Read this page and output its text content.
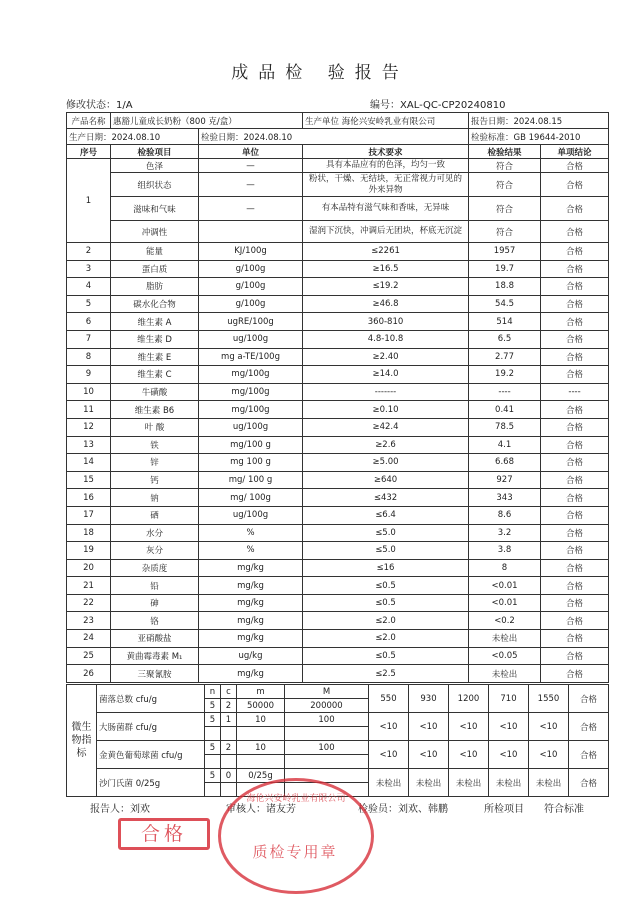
成品检 验报告
修改状态：1/A	编号：XAL-QC-CP20240810
产品名称	惠豁儿童成长奶粉（800 克/盒）		生产单位 海伦兴安岭乳业有限公司	报告日期：2024.08.15	
生产日期：2024.08.10		检验日期：2024.08.10		检验标准：GB 19644-2010	
序号	检验项目	单位	技术要求	检验结果	单项结论
1	色泽	—	具有本品应有的色泽，均匀一致	符合	合格
	组织状态	—	粉状，干燥、无结块，无正常视力可见的外来异物	符合	合格
	滋味和气味	—	有本品特有滋气味和香味，无异味	符合	合格
	冲调性		湿润下沉快，冲调后无团块，杯底无沉淀	符合	合格
2	能量	KJ/100g	≤2261	1957	合格
3	蛋白质	g/100g	≥16.5	19.7	合格
4	脂肪	g/100g	≤19.2	18.8	合格
5	碳水化合物	g/100g	≥46.8	54.5	合格
6	维生素 A	ugRE/100g	360-810	514	合格
7	维生素 D	ug/100g	4.8-10.8	6.5	合格
8	维生素 E	mg a-TE/100g	≥2.40	2.77	合格
9	维生素 C	mg/100g	≥14.0	19.2	合格
10	牛磺酸	mg/100g	-------	----	----
11	维生素 B6	mg/100g	≥0.10	0.41	合格
12	叶 酸	ug/100g	≥42.4	78.5	合格
13	铁	mg/100 g	≥2.6	4.1	合格
14	锌	mg 100 g	≥5.00	6.68	合格
15	钙	mg/ 100 g	≥640	927	合格
16	钠	mg/ 100g	≤432	343	合格
17	硒	ug/100g	≤6.4	8.6	合格
18	水分	%	≤5.0	3.2	合格
19	灰分	%	≤5.0	3.8	合格
20	杂质度	mg/kg	≤16	8	合格
21	铅	mg/kg	≤0.5	<0.01	合格
22	砷	mg/kg	≤0.5	<0.01	合格
23	铬	mg/kg	≤2.0	<0.2	合格
24	亚硝酸盐	mg/kg	≤2.0	未检出	合格
25	黄曲霉毒素 M₁	ug/kg	≤0.5	<0.05	合格
26	三聚氰胺	mg/kg	≤2.5	未检出	合格
微生物指标	菌落总数 cfu/g	n	c	m	M	550	930	1200	710	1550	合格
		5	2	50000	200000						
	大肠菌群 cfu/g	5	1	10	100	<10	<10	<10	<10	<10	合格

	金黄色葡萄球菌 cfu/g	5	2	10	100	<10	<10	<10	<10	<10	合格

	沙门氏菌 0/25g	5	0	0/25g		未检出	未检出	未检出	未检出	未检出	合格

报告人：刘欢	审核人：诸友芳	检验员：刘欢、韩鹏	所检项目 符合标准
合格
海伦兴安岭乳业有限公司
质检专用章
